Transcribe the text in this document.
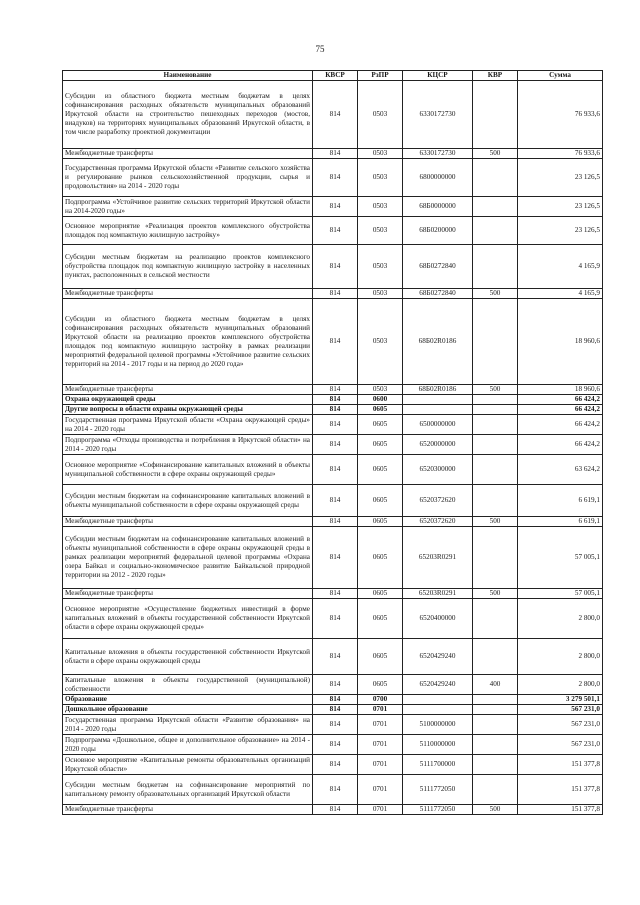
75
Наименование	КВСР	РзПР	КЦСР	КВР	Сумма
Субсидии из областного бюджета местным бюджетам в целях софинансирования расходных обязательств муниципальных образований Иркутской области на строительство пешеходных переходов (мостов, виадуков) на территориях муниципальных образований Иркутской области, в том числе разработку проектной документации	814	0503	6330172730		76 933,6
Межбюджетные трансферты	814	0503	6330172730	500	76 933,6
Государственная программа Иркутской области «Развитие сельского хозяйства и регулирование рынков сельскохозяйственной продукции, сырья и продовольствия» на 2014 - 2020 годы	814	0503	6800000000		23 126,5
Подпрограмма «Устойчивое развитие сельских территорий Иркутской области на 2014-2020 годы»	814	0503	68Б0000000		23 126,5
Основное мероприятие «Реализация проектов комплексного обустройства площадок под компактную жилищную застройку»	814	0503	68Б0200000		23 126,5
Субсидии местным бюджетам на реализацию проектов комплексного обустройства площадок под компактную жилищную застройку в населенных пунктах, расположенных в сельской местности	814	0503	68Б0272840		4 165,9
Межбюджетные трансферты	814	0503	68Б0272840	500	4 165,9
Субсидии из областного бюджета местным бюджетам в целях софинансирования расходных обязательств муниципальных образований Иркутской области на реализацию проектов комплексного обустройства площадок под компактную жилищную застройку в рамках реализации мероприятий федеральной целевой программы «Устойчивое развитие сельских территорий на 2014 - 2017 годы и на период до 2020 года»	814	0503	68Б02R0186		18 960,6
Межбюджетные трансферты	814	0503	68Б02R0186	500	18 960,6
Охрана окружающей среды	814	0600			66 424,2
Другие вопросы в области охраны окружающей среды	814	0605			66 424,2
Государственная программа Иркутской области «Охрана окружающей среды» на 2014 - 2020 годы	814	0605	6500000000		66 424,2
Подпрограмма «Отходы производства и потребления в Иркутской области» на 2014 - 2020 годы	814	0605	6520000000		66 424,2
Основное мероприятие «Софинансирование капитальных вложений в объекты муниципальной собственности в сфере охраны окружающей среды»	814	0605	6520300000		63 624,2
Субсидии местным бюджетам на софинансирование капитальных вложений в объекты муниципальной собственности в сфере охраны окружающей среды	814	0605	6520372620		6 619,1
Межбюджетные трансферты	814	0605	6520372620	500	6 619,1
Субсидии местным бюджетам на софинансирование капитальных вложений в объекты муниципальной собственности в сфере охраны окружающей среды в рамках реализации мероприятий федеральной целевой программы «Охрана озера Байкал и социально-экономическое развитие Байкальской природной территории на 2012 - 2020 годы»	814	0605	65203R0291		57 005,1
Межбюджетные трансферты	814	0605	65203R0291	500	57 005,1
Основное мероприятие «Осуществление бюджетных инвестиций в форме капитальных вложений в объекты государственной собственности Иркутской области в сфере охраны окружающей среды»	814	0605	6520400000		2 800,0
Капитальные вложения в объекты государственной собственности Иркутской области в сфере охраны окружающей среды	814	0605	6520429240		2 800,0
Капитальные вложения в объекты государственной (муниципальной) собственности	814	0605	6520429240	400	2 800,0
Образование	814	0700			3 279 501,1
Дошкольное образование	814	0701			567 231,0
Государственная программа Иркутской области «Развитие образования» на 2014 - 2020 годы	814	0701	5100000000		567 231,0
Подпрограмма «Дошкольное, общее и дополнительное образование» на 2014 - 2020 годы	814	0701	5110000000		567 231,0
Основное мероприятие «Капитальные ремонты образовательных организаций Иркутской области»	814	0701	5111700000		151 377,8
Субсидии местным бюджетам на софинансирование мероприятий по капитальному ремонту образовательных организаций Иркутской области	814	0701	5111772050		151 377,8
Межбюджетные трансферты	814	0701	5111772050	500	151 377,8
